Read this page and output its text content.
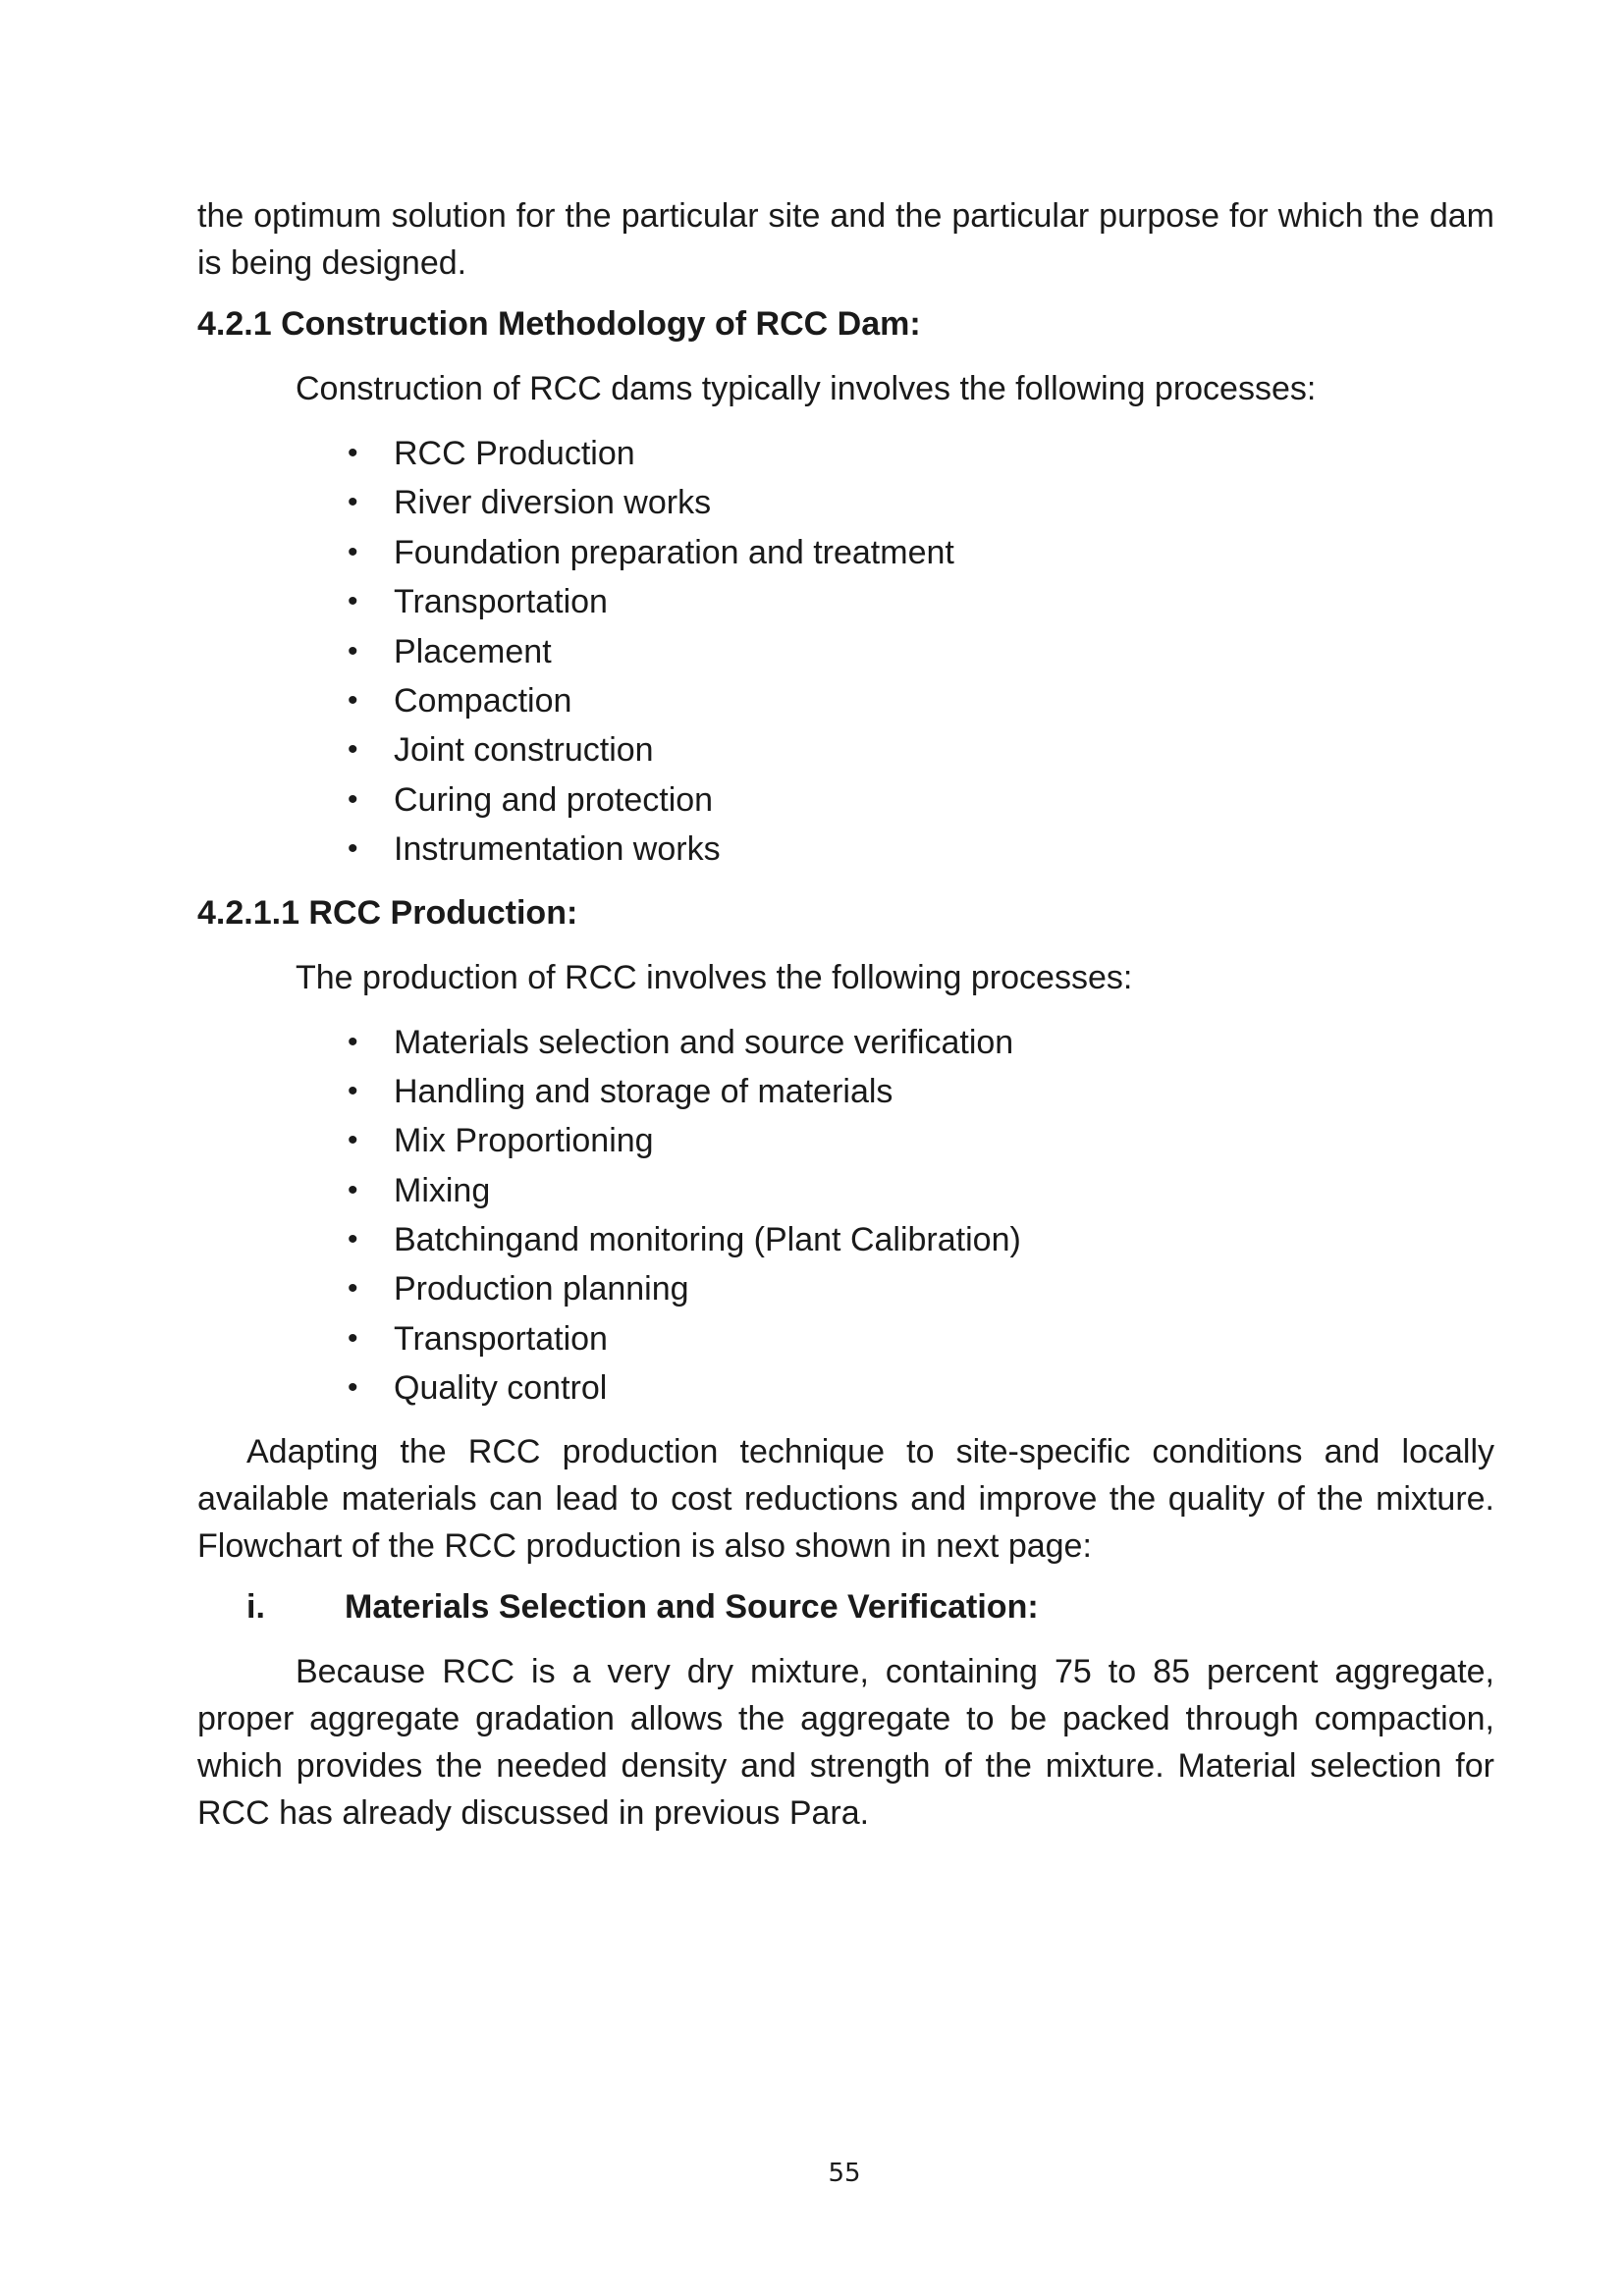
the optimum solution for the particular site and the particular purpose for which the dam is being designed.

4.2.1 Construction Methodology of RCC Dam:

Construction of RCC dams typically involves the following processes:

• RCC Production
• River diversion works
• Foundation preparation and treatment
• Transportation
• Placement
• Compaction
• Joint construction
• Curing and protection
• Instrumentation works
4.2.1.1 RCC Production:

The production of RCC involves the following processes:

• Materials selection and source verification
• Handling and storage of materials
• Mix Proportioning
• Mixing
• Batchingand monitoring (Plant Calibration)
• Production planning
• Transportation
• Quality control

Adapting the RCC production technique to site-specific conditions and locally available materials can lead to cost reductions and improve the quality of the mixture. Flowchart of the RCC production is also shown in next page:

i. Materials Selection and Source Verification:

Because RCC is a very dry mixture, containing 75 to 85 percent aggregate, proper aggregate gradation allows the aggregate to be packed through compaction, which provides the needed density and strength of the mixture. Material selection for RCC has already discussed in previous Para.

55
